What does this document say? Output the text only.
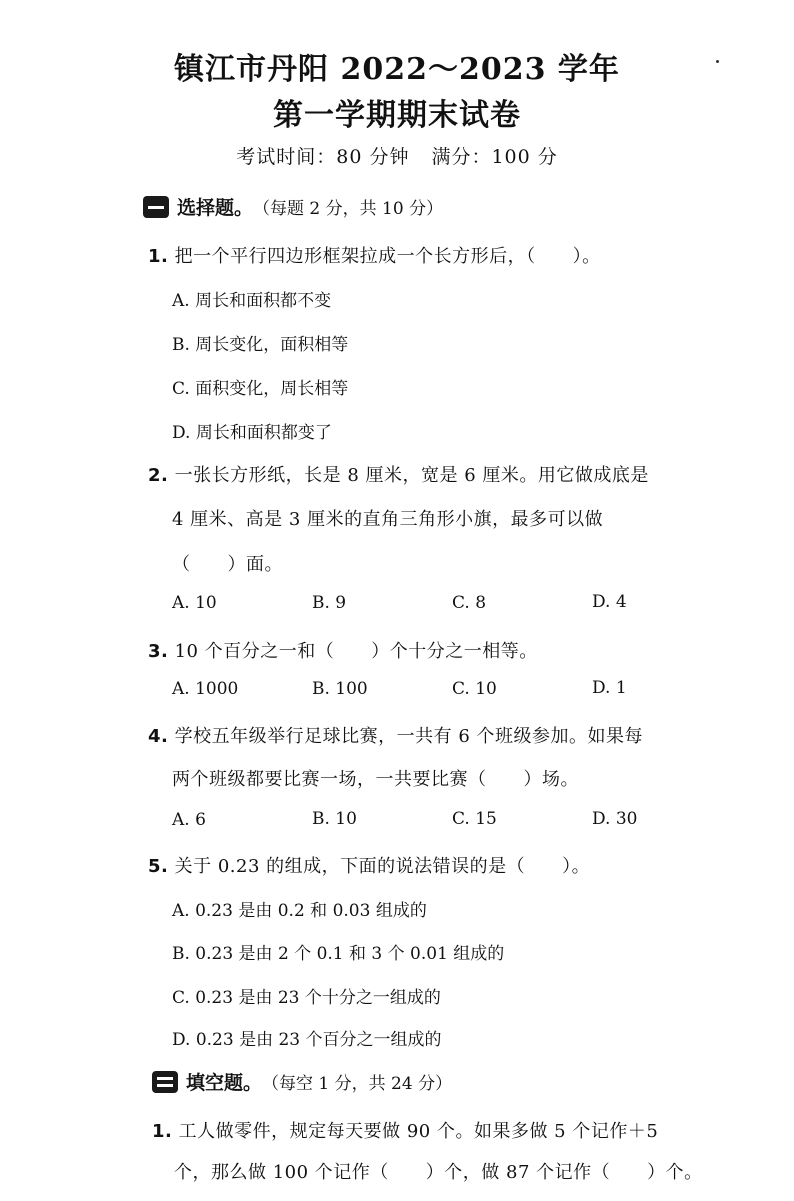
镇江市丹阳 2022～2023 学年
第一学期期末试卷
考试时间：80 分钟 满分：100 分
选择题。 （每题 2 分，共 10 分）
1. 把一个平行四边形框架拉成一个长方形后，（　　）。
A. 周长和面积都不变
B. 周长变化，面积相等
C. 面积变化，周长相等
D. 周长和面积都变了
2. 一张长方形纸，长是 8 厘米，宽是 6 厘米。用它做成底是
4 厘米、高是 3 厘米的直角三角形小旗，最多可以做
（　　）面。
A. 10	B. 9	C. 8	D. 4
3. 10 个百分之一和（　　）个十分之一相等。
A. 1000	B. 100	C. 10	D. 1
4. 学校五年级举行足球比赛，一共有 6 个班级参加。如果每
两个班级都要比赛一场，一共要比赛（　　）场。
A. 6	B. 10	C. 15	D. 30
5. 关于 0.23 的组成，下面的说法错误的是（　　）。
A. 0.23 是由 0.2 和 0.03 组成的
B. 0.23 是由 2 个 0.1 和 3 个 0.01 组成的
C. 0.23 是由 23 个十分之一组成的
D. 0.23 是由 23 个百分之一组成的
填空题。 （每空 1 分，共 24 分）
1. 工人做零件，规定每天要做 90 个。如果多做 5 个记作＋5
个，那么做 100 个记作（　　）个，做 87 个记作（　　）个。
